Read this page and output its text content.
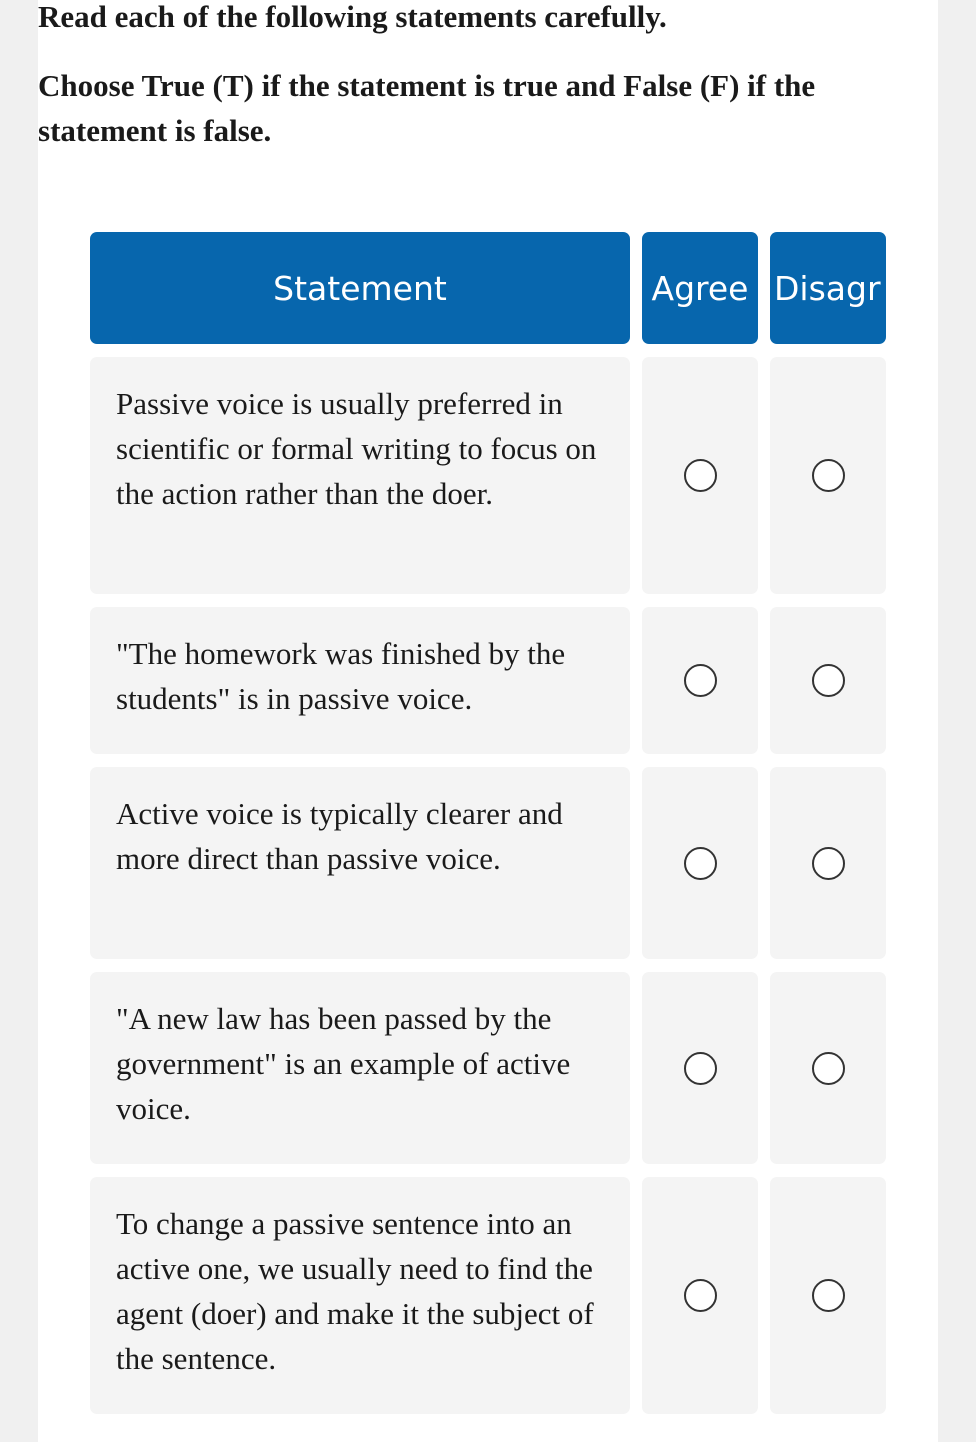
Read each of the following statements carefully.

Choose True (T) if the statement is true and False (F) if the statement is false.

Statement	Agree Disagr
Passive voice is usually preferred in scientific or formal writing to focus on the action rather than the doer.
"The homework was finished by the students" is in passive voice.
Active voice is typically clearer and more direct than passive voice.
"A new law has been passed by the government" is an example of active voice.
To change a passive sentence into an active one, we usually need to find the agent (doer) and make it the subject of the sentence.
